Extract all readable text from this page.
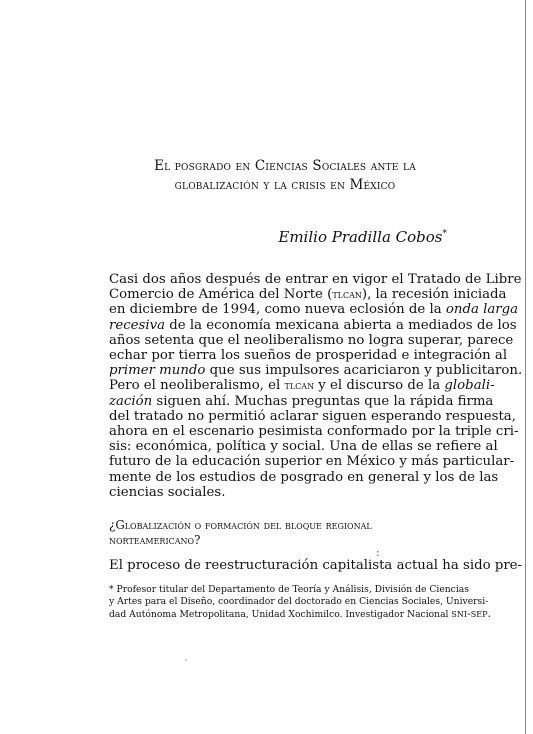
El posgrado en Ciencias Sociales ante la
globalización y la crisis en México
Emilio Pradilla Cobos*
Casi dos años después de entrar en vigor el Tratado de Libre
Comercio de América del Norte (tlcan), la recesión iniciada
en diciembre de 1994, como nueva eclosión de la onda larga
recesiva de la economía mexicana abierta a mediados de los
años setenta que el neoliberalismo no logra superar, parece
echar por tierra los sueños de prosperidad e integración al
primer mundo que sus impulsores acariciaron y publicitaron.
Pero el neoliberalismo, el tlcan y el discurso de la globali-
zación siguen ahí. Muchas preguntas que la rápida firma
del tratado no permitió aclarar siguen esperando respuesta,
ahora en el escenario pesimista conformado por la triple cri-
sis: económica, política y social. Una de ellas se refiere al
futuro de la educación superior en México y más particular-
mente de los estudios de posgrado en general y los de las
ciencias sociales.
¿Globalización o formación del bloque regional
norteamericano?
:
El proceso de reestructuración capitalista actual ha sido pre-
* Profesor titular del Departamento de Teoría y Análisis, División de Ciencias
y Artes para el Diseño, coordinador del doctorado en Ciencias Sociales, Universi-
dad Autónoma Metropolitana, Unidad Xochimilco. Investigador Nacional sni-sep.
